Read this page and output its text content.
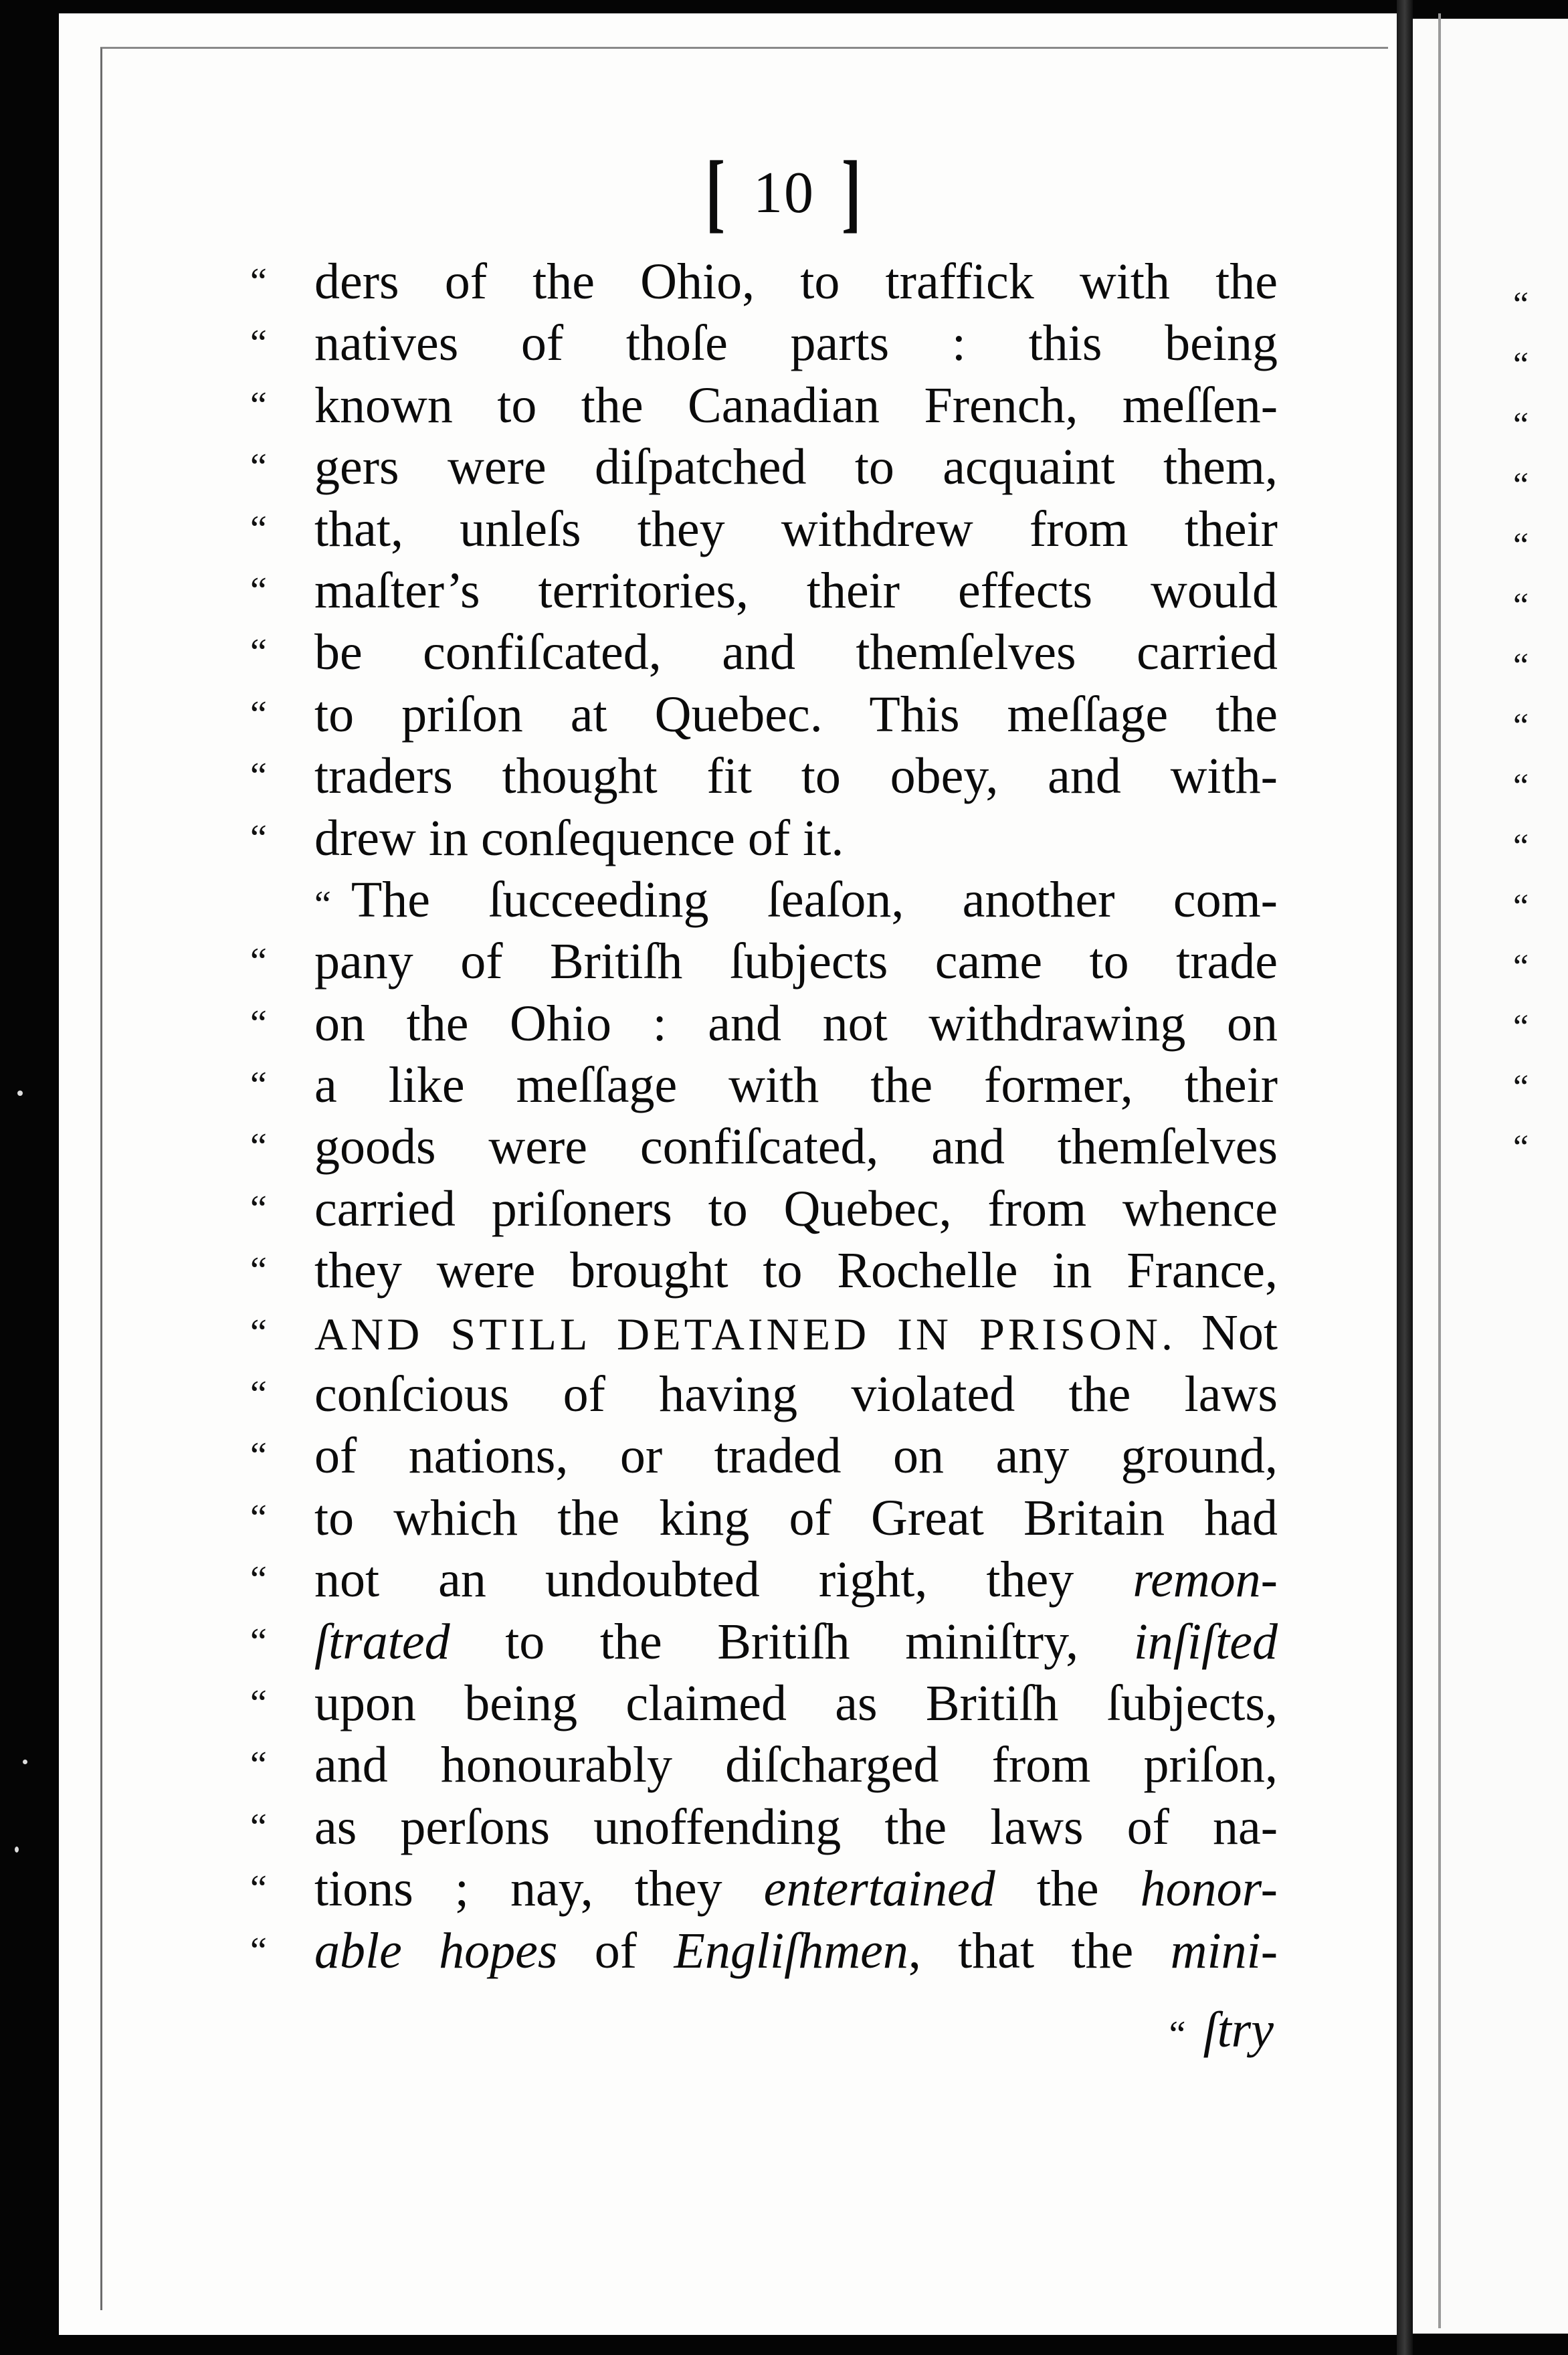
“
“
“
“
“
“
“
“
“
“
“
“
“
“
“
[ 10 ]
“ ders of the Ohio, to traffick with the
“ natives of thoſe parts : this being
“ known to the Canadian French, meſſen-
“ gers were diſpatched to acquaint them,
“ that, unleſs they withdrew from their
“ maſter’s territories, their effects would
“ be confiſcated, and themſelves carried
“ to priſon at Quebec. This meſſage the
“ traders thought fit to obey, and with-
“ drew in conſequence of it.
“ The ſucceeding ſeaſon, another com-
“ pany of Britiſh ſubjects came to trade
“ on the Ohio : and not withdrawing on
“ a like meſſage with the former, their
“ goods were confiſcated, and themſelves
“ carried priſoners to Quebec, from whence
“ they were brought to Rochelle in France,
“ AND STILL DETAINED IN PRISON. Not
“ conſcious of having violated the laws
“ of nations, or traded on any ground,
“ to which the king of Great Britain had
“ not an undoubted right, they remon-
“ ſtrated to the Britiſh miniſtry, inſiſted
“ upon being claimed as Britiſh ſubjects,
“ and honourably diſcharged from priſon,
“ as perſons unoffending the laws of na-
“ tions ; nay, they entertained the honor-
“ able hopes of Engliſhmen, that the mini-
“ ſtry
